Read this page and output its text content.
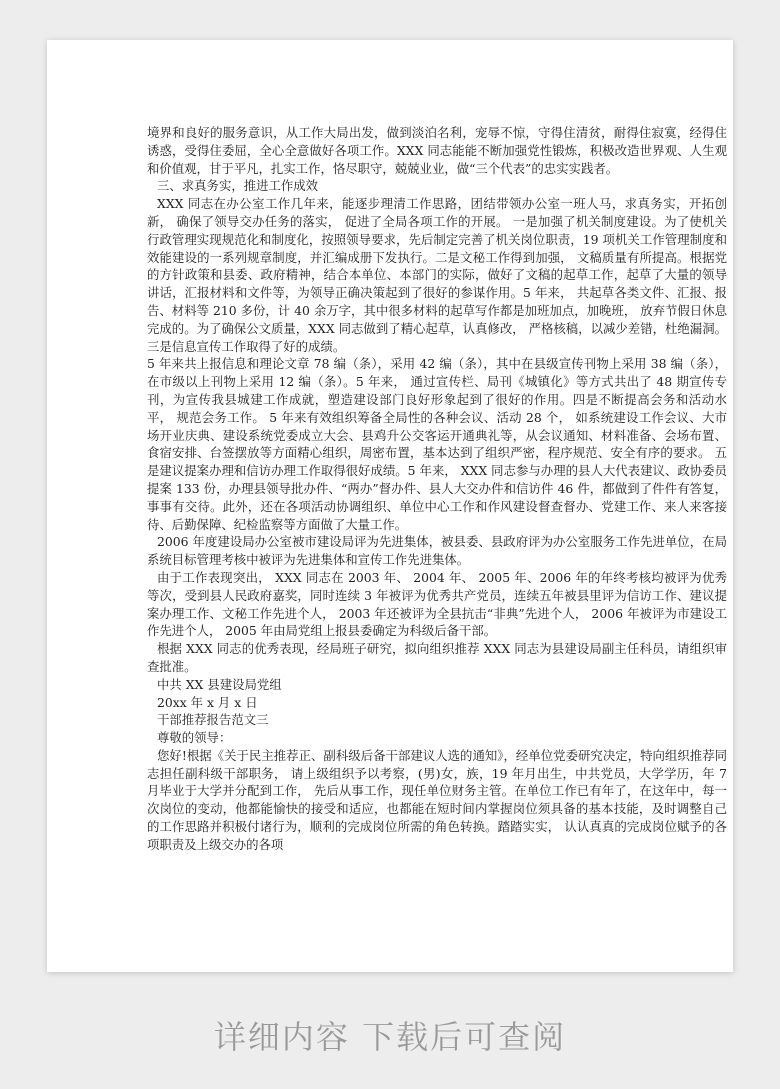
境界和良好的服务意识，从工作大局出发，做到淡泊名利，宠辱不惊，守得住清贫，耐得住寂寞，经得住诱惑，受得住委屈，全心全意做好各项工作。XXX 同志能能不断加强党性锻炼，积极改造世界观、人生观和价值观，甘于平凡，扎实工作，恪尽职守，兢兢业业，做“三个代表”的忠实实践者。

三、求真务实，推进工作成效

XXX 同志在办公室工作几年来，能逐步理清工作思路，团结带领办公室一班人马，求真务实，开拓创新， 确保了领导交办任务的落实， 促进了全局各项工作的开展。 一是加强了机关制度建设。为了使机关行政管理实现规范化和制度化，按照领导要求，先后制定完善了机关岗位职责，19 项机关工作管理制度和效能建设的一系列规章制度，并汇编成册下发执行。二是文秘工作得到加强， 文稿质量有所提高。根据党的方针政策和县委、政府精神，结合本单位、本部门的实际，做好了文稿的起草工作，起草了大量的领导讲话，汇报材料和文件等，为领导正确决策起到了很好的参谋作用。5 年来， 共起草各类文件、汇报、报告、材料等 210 多份，计 40 余万字，其中很多材料的起草写作都是加班加点，加晚班， 放弃节假日休息完成的。为了确保公文质量，XXX 同志做到了精心起草，认真修改， 严格核稿，以减少差错，杜绝漏洞。三是信息宣传工作取得了好的成绩。

5 年来共上报信息和理论文章 78 编（条），采用 42 编（条），其中在县级宣传刊物上采用 38 编（条），在市级以上刊物上采用 12 编（条）。5 年来， 通过宣传栏、局刊《城镇化》等方式共出了 48 期宣传专刊，为宣传我县城建工作成就，塑造建设部门良好形象起到了很好的作用。四是不断提高会务和活动水平， 规范会务工作。 5 年来有效组织筹备全局性的各种会议、活动 28 个， 如系统建设工作会议、大市场开业庆典、建设系统党委成立大会、县鸡升公交客运开通典礼等，从会议通知、材料准备、会场布置、食宿安排、台签摆放等方面精心组织，周密布置，基本达到了组织严密，程序规范、安全有序的要求。 五是建议提案办理和信访办理工作取得很好成绩。5 年来， XXX 同志参与办理的县人大代表建议、政协委员提案 133 份，办理县领导批办件、“两办”督办件、县人大交办件和信访件 46 件，都做到了件件有答复，事事有交待。此外，还在各项活动协调组织、单位中心工作和作风建设督查督办、党建工作、来人来客接待、后勤保障、纪检监察等方面做了大量工作。

2006 年度建设局办公室被市建设局评为先进集体，被县委、县政府评为办公室服务工作先进单位，在局系统目标管理考核中被评为先进集体和宣传工作先进集体。

由于工作表现突出， XXX 同志在 2003 年、 2004 年、 2005 年、2006 年的年终考核均被评为优秀等次，受到县人民政府嘉奖，同时连续 3 年被评为优秀共产党员，连续五年被县里评为信访工作、建议提案办理工作、文秘工作先进个人， 2003 年还被评为全县抗击“非典”先进个人， 2006 年被评为市建设工作先进个人， 2005 年由局党组上报县委确定为科级后备干部。

根据 XXX 同志的优秀表现，经局班子研究，拟向组织推荐 XXX 同志为县建设局副主任科员，请组织审查批准。

中共 XX 县建设局党组

20xx 年 x 月 x 日

干部推荐报告范文三

尊敬的领导：

您好!根据《关于民主推荐正、副科级后备干部建议人选的通知》，经单位党委研究决定，特向组织推荐同志担任副科级干部职务， 请上级组织予以考察，(男)女，族，19 年月出生，中共党员，大学学历，年 7 月毕业于大学并分配到工作， 先后从事工作，现任单位财务主管。在单位工作已有年了，在这年中，每一次岗位的变动，他都能愉快的接受和适应，也都能在短时间内掌握岗位须具备的基本技能，及时调整自己的工作思路并积极付诸行为，顺利的完成岗位所需的角色转换。踏踏实实， 认认真真的完成岗位赋予的各项职责及上级交办的各项

详细内容 下载后可查阅
